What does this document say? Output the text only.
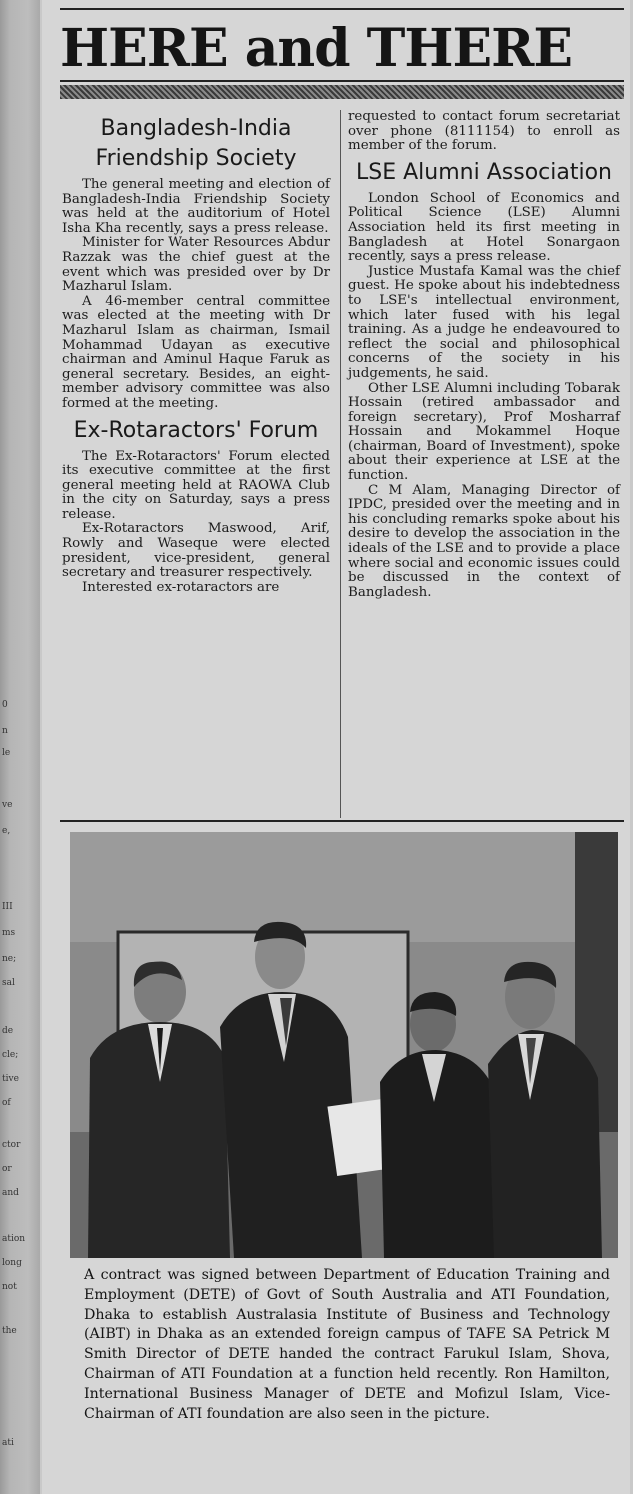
0
n
le
ve
e,
III
ms
ne;
sal
de
cle;
tive
of
ctor
or
and
ation
long
not
the
ati
HERE and THERE
Bangladesh-India Friendship Society

The general meeting and election of Bangladesh-India Friendship Society was held at the auditorium of Hotel Isha Kha recently, says a press release.

Minister for Water Resources Abdur Razzak was the chief guest at the event which was presided over by Dr Mazharul Islam.

A 46-member central committee was elected at the meeting with Dr Mazharul Islam as chairman, Ismail Mohammad Udayan as executive chairman and Aminul Haque Faruk as general secretary. Besides, an eight-member advisory committee was also formed at the meeting.

Ex-Rotaractors' Forum

The Ex-Rotaractors' Forum elected its executive committee at the first general meeting held at RAOWA Club in the city on Saturday, says a press release.

Ex-Rotaractors Maswood, Arif, Rowly and Waseque were elected president, vice-president, general secretary and treasurer respectively.

Interested ex-rotaractors are

requested to contact forum secretariat over phone (8111154) to enroll as member of the forum.

LSE Alumni Association

London School of Economics and Political Science (LSE) Alumni Association held its first meeting in Bangladesh at Hotel Sonargaon recently, says a press release.

Justice Mustafa Kamal was the chief guest. He spoke about his indebtedness to LSE's intellectual environment, which later fused with his legal training. As a judge he endeavoured to reflect the social and philosophical concerns of the society in his judgements, he said.

Other LSE Alumni including Tobarak Hossain (retired ambassador and foreign secretary), Prof Mosharraf Hossain and Mokammel Hoque (chairman, Board of Investment), spoke about their experience at LSE at the function.

C M Alam, Managing Director of IPDC, presided over the meeting and in his concluding remarks spoke about his desire to develop the association in the ideals of the LSE and to provide a place where social and economic issues could be discussed in the context of Bangladesh.

A contract was signed between Department of Education Training and Employment (DETE) of Govt of South Australia and ATI Foundation, Dhaka to establish Australasia Institute of Business and Technology (AIBT) in Dhaka as an extended foreign campus of TAFE SA Petrick M Smith Director of DETE handed the contract Farukul Islam, Shova, Chairman of ATI Foundation at a function held recently. Ron Hamilton, International Business Manager of DETE and Mofizul Islam, Vice-Chairman of ATI foundation are also seen in the picture.
